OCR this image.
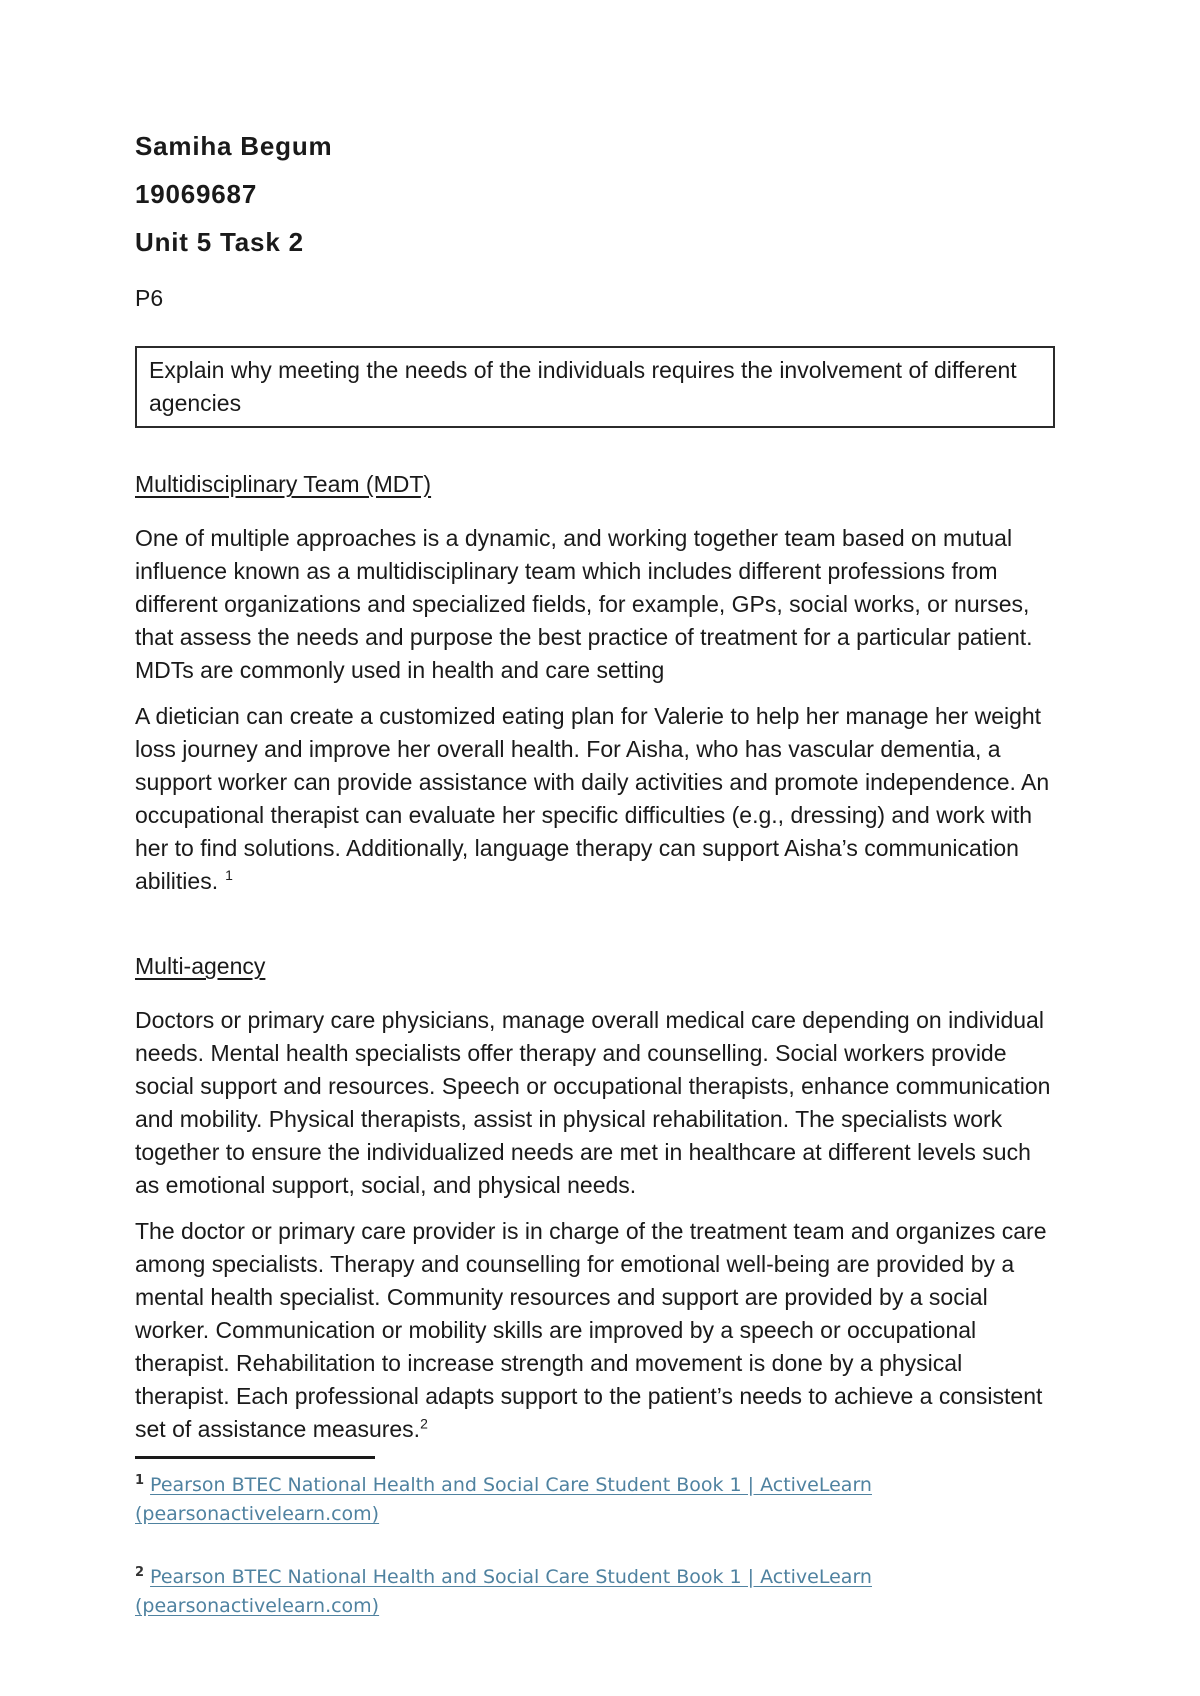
Samiha Begum
19069687
Unit 5 Task 2
P6
Explain why meeting the needs of the individuals requires the involvement of different agencies
Multidisciplinary Team (MDT)

One of multiple approaches is a dynamic, and working together team based on mutual influence known as a multidisciplinary team which includes different professions from different organizations and specialized fields, for example, GPs, social works, or nurses, that assess the needs and purpose the best practice of treatment for a particular patient. MDTs are commonly used in health and care setting

A dietician can create a customized eating plan for Valerie to help her manage her weight loss journey and improve her overall health. For Aisha, who has vascular dementia, a support worker can provide assistance with daily activities and promote independence. An occupational therapist can evaluate her specific difficulties (e.g., dressing) and work with her to find solutions. Additionally, language therapy can support Aisha’s communication abilities. $^1$

Multi-agency

Doctors or primary care physicians, manage overall medical care depending on individual needs. Mental health specialists offer therapy and counselling. Social workers provide social support and resources. Speech or occupational therapists, enhance communication and mobility. Physical therapists, assist in physical rehabilitation. The specialists work together to ensure the individualized needs are met in healthcare at different levels such as emotional support, social, and physical needs.

The doctor or primary care provider is in charge of the treatment team and organizes care among specialists. Therapy and counselling for emotional well-being are provided by a mental health specialist. Community resources and support are provided by a social worker. Communication or mobility skills are improved by a speech or occupational therapist. Rehabilitation to increase strength and movement is done by a physical therapist. Each professional adapts support to the patient’s needs to achieve a consistent set of assistance measures.$^2$

$^1$ Pearson BTEC National Health and Social Care Student Book 1 | ActiveLearn (pearsonactivelearn.com)
$^2$ Pearson BTEC National Health and Social Care Student Book 1 | ActiveLearn (pearsonactivelearn.com)
